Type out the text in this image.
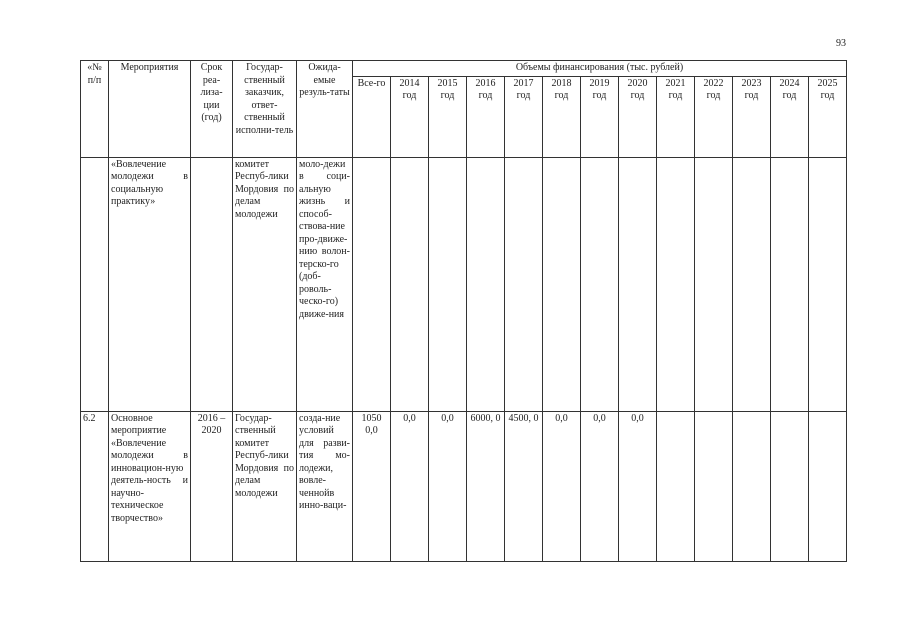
93
«№ п/п	Мероприятия	Срок реа-лиза-ции (год)	Государ-ственный заказчик, ответ-ственный исполни-тель	Ожида-емые резуль-таты	Объемы финансирования (тыс. рублей)												
					Все-го	2014 год	2015 год	2016 год	2017 год	2018 год	2019 год	2020 год	2021 год	2022 год	2023 год	2024 год	2025 год
	«Вовлечение молодежи в социальную практику»		комитет Респуб-лики Мордовия по делам молодежи	моло-дежи в соци-альную жизнь и способ-ствова-ние про-движе-нию волон-терско-го (доб-роволь-ческо-го) движе-ния													
6.2	Основное мероприятие «Вовлечение молодежи в инновацион-ную деятель-ность и научно-техническое творчество»	2016 – 2020	Государ-ственный комитет Респуб-лики Мордовия по делам молодежи	созда-ние условий для разви-тия мо-лодежи, вовле-ченнойв инно-ваци-	1050 0,0	0,0	0,0	6000, 0	4500, 0	0,0	0,0	0,0					
